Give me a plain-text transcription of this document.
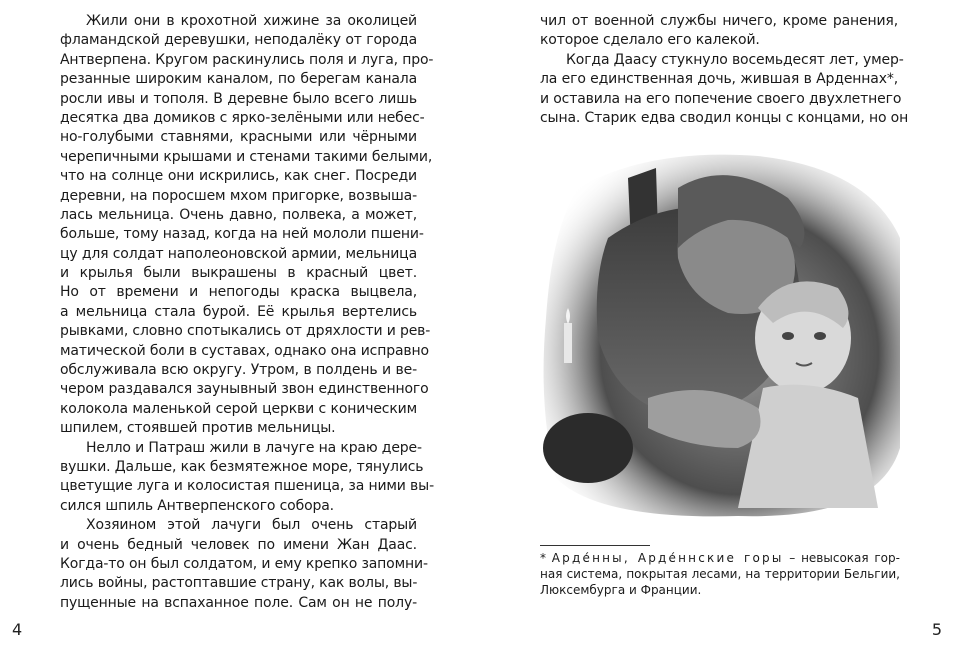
Жили они в крохотной хижине за околицей
фламандской деревушки, неподалёку от города
Антверпена. Кругом раскинулись поля и луга, про-
резанные широким каналом, по берегам канала
росли ивы и тополя. В деревне было всего лишь
десятка два домиков с ярко-зелёными или небес-
но-голубыми ставнями, красными или чёрными
черепичными крышами и стенами такими белыми,
что на солнце они искрились, как снег. Посреди
деревни, на поросшем мхом пригорке, возвыша-
лась мельница. Очень давно, полвека, а может,
больше, тому назад, когда на ней мололи пшени-
цу для солдат наполеоновской армии, мельница
и крылья были выкрашены в красный цвет.
Но от времени и непогоды краска выцвела,
а мельница стала бурой. Её крылья вертелись
рывками, словно спотыкались от дряхлости и рев-
матической боли в суставах, однако она исправно
обслуживала всю округу. Утром, в полдень и ве-
чером раздавался заунывный звон единственного
колокола маленькой серой церкви с коническим
шпилем, стоявшей против мельницы.
Нелло и Патраш жили в лачуге на краю дере-
вушки. Дальше, как безмятежное море, тянулись
цветущие луга и колосистая пшеница, за ними вы-
сился шпиль Антверпенского собора.
Хозяином этой лачуги был очень старый
и очень бедный человек по имени Жан Даас.
Когда-то он был солдатом, и ему крепко запомни-
лись войны, растоптавшие страну, как волы, вы-
пущенные на вспаханное поле. Сам он не полу-
4
чил от военной службы ничего, кроме ранения,
которое сделало его калекой.
Когда Даасу стукнуло восемьдесят лет, умер-
ла его единственная дочь, жившая в Арденнах*,
и оставила на его попечение своего двухлетнего
сына. Старик едва сводил концы с концами, но он
* Арде́нны, Арде́ннские горы – невысокая гор-
ная система, покрытая лесами, на территории Бельгии,
Люксембурга и Франции.
5
